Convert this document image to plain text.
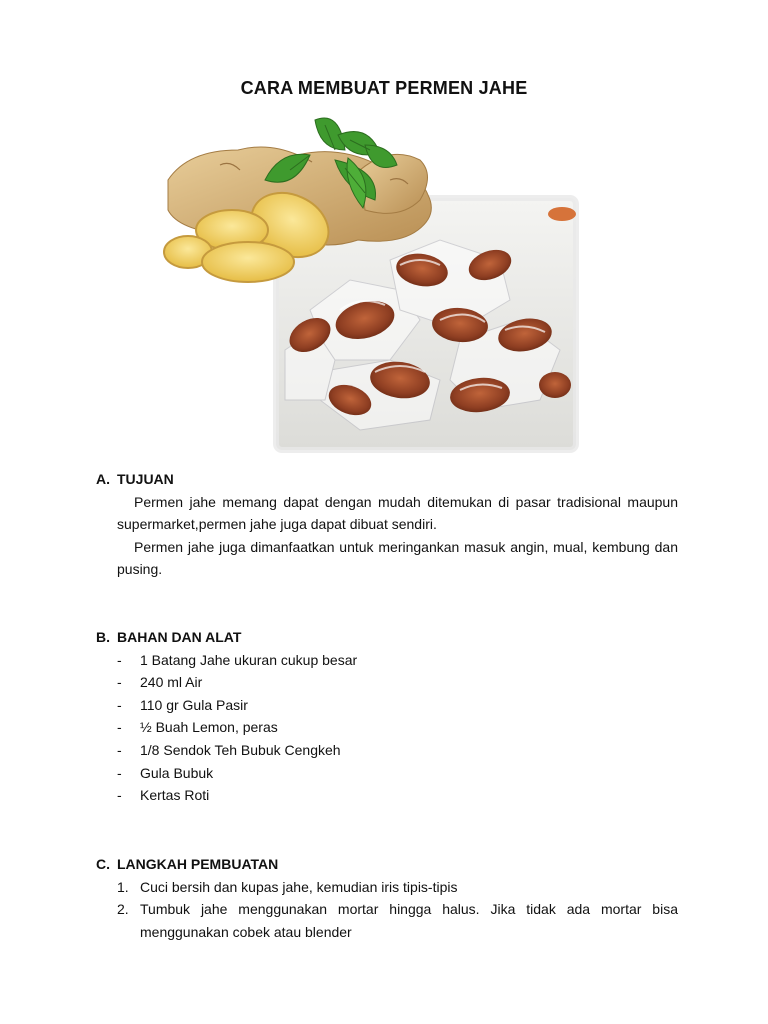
CARA MEMBUAT PERMEN JAHE
A. TUJUAN
Permen jahe memang dapat dengan mudah ditemukan di pasar tradisional maupun supermarket,permen jahe juga dapat dibuat sendiri.
Permen jahe juga dimanfaatkan untuk meringankan masuk angin, mual, kembung dan pusing.
B. BAHAN DAN ALAT
-	1 Batang Jahe ukuran cukup besar
-	240 ml Air
-	110 gr Gula Pasir
-	½ Buah Lemon, peras
-	1/8 Sendok Teh Bubuk Cengkeh
-	Gula Bubuk
-	Kertas Roti
C. LANGKAH PEMBUATAN
1. Cuci bersih dan kupas jahe, kemudian iris tipis-tipis
2. Tumbuk jahe menggunakan mortar hingga halus. Jika tidak ada mortar bisa menggunakan cobek atau blender
